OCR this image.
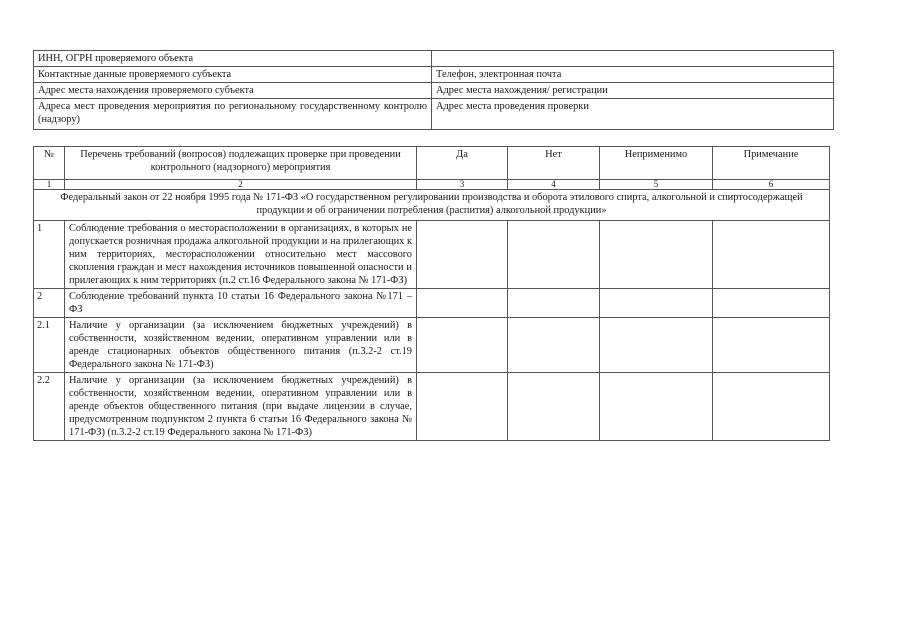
ИНН, ОГРН проверяемого объекта	
Контактные данные проверяемого субъекта	Телефон, электронная почта
Адрес места нахождения проверяемого субъекта	Адрес места нахождения/ регистрации
Адреса мест проведения мероприятия по региональному государственному контролю (надзору)	Адрес места проведения проверки
№	Перечень требований (вопросов) подлежащих проверке при проведении контрольного (надзорного) мероприятия	Да	Нет	Неприменимо	Примечание
1	2	3	4	5	6
Федеральный закон от 22 ноября 1995 года № 171-ФЗ «О государственном регулировании производства и оборота этилового спирта, алкогольной и спиртосодержащей продукции и об ограничении потребления (распития) алкогольной продукции»					
1	Соблюдение требования о месторасположении в организациях, в которых не допускается розничная продажа алкогольной продукции и на прилегающих к ним территориях, месторасположении относительно мест массового скопления граждан и мест нахождения источников повышенной опасности и прилегающих к ним территориях (п.2 ст.16 Федерального закона № 171-ФЗ)				
2	Соблюдение требований пункта 10 статьи 16 Федерального закона №171 – ФЗ				
2.1	Наличие у организации (за исключением бюджетных учреждений) в собственности, хозяйственном ведении, оперативном управлении или в аренде стационарных объектов общественного питания (п.3.2-2 ст.19 Федерального закона № 171-ФЗ)				
2.2	Наличие у организации (за исключением бюджетных учреждений) в собственности, хозяйственном ведении, оперативном управлении или в аренде объектов общественного питания (при выдаче лицензии в случае, предусмотренном подпунктом 2 пункта 6 статьи 16 Федерального закона № 171-ФЗ) (п.3.2-2 ст.19 Федерального закона № 171-ФЗ)				
